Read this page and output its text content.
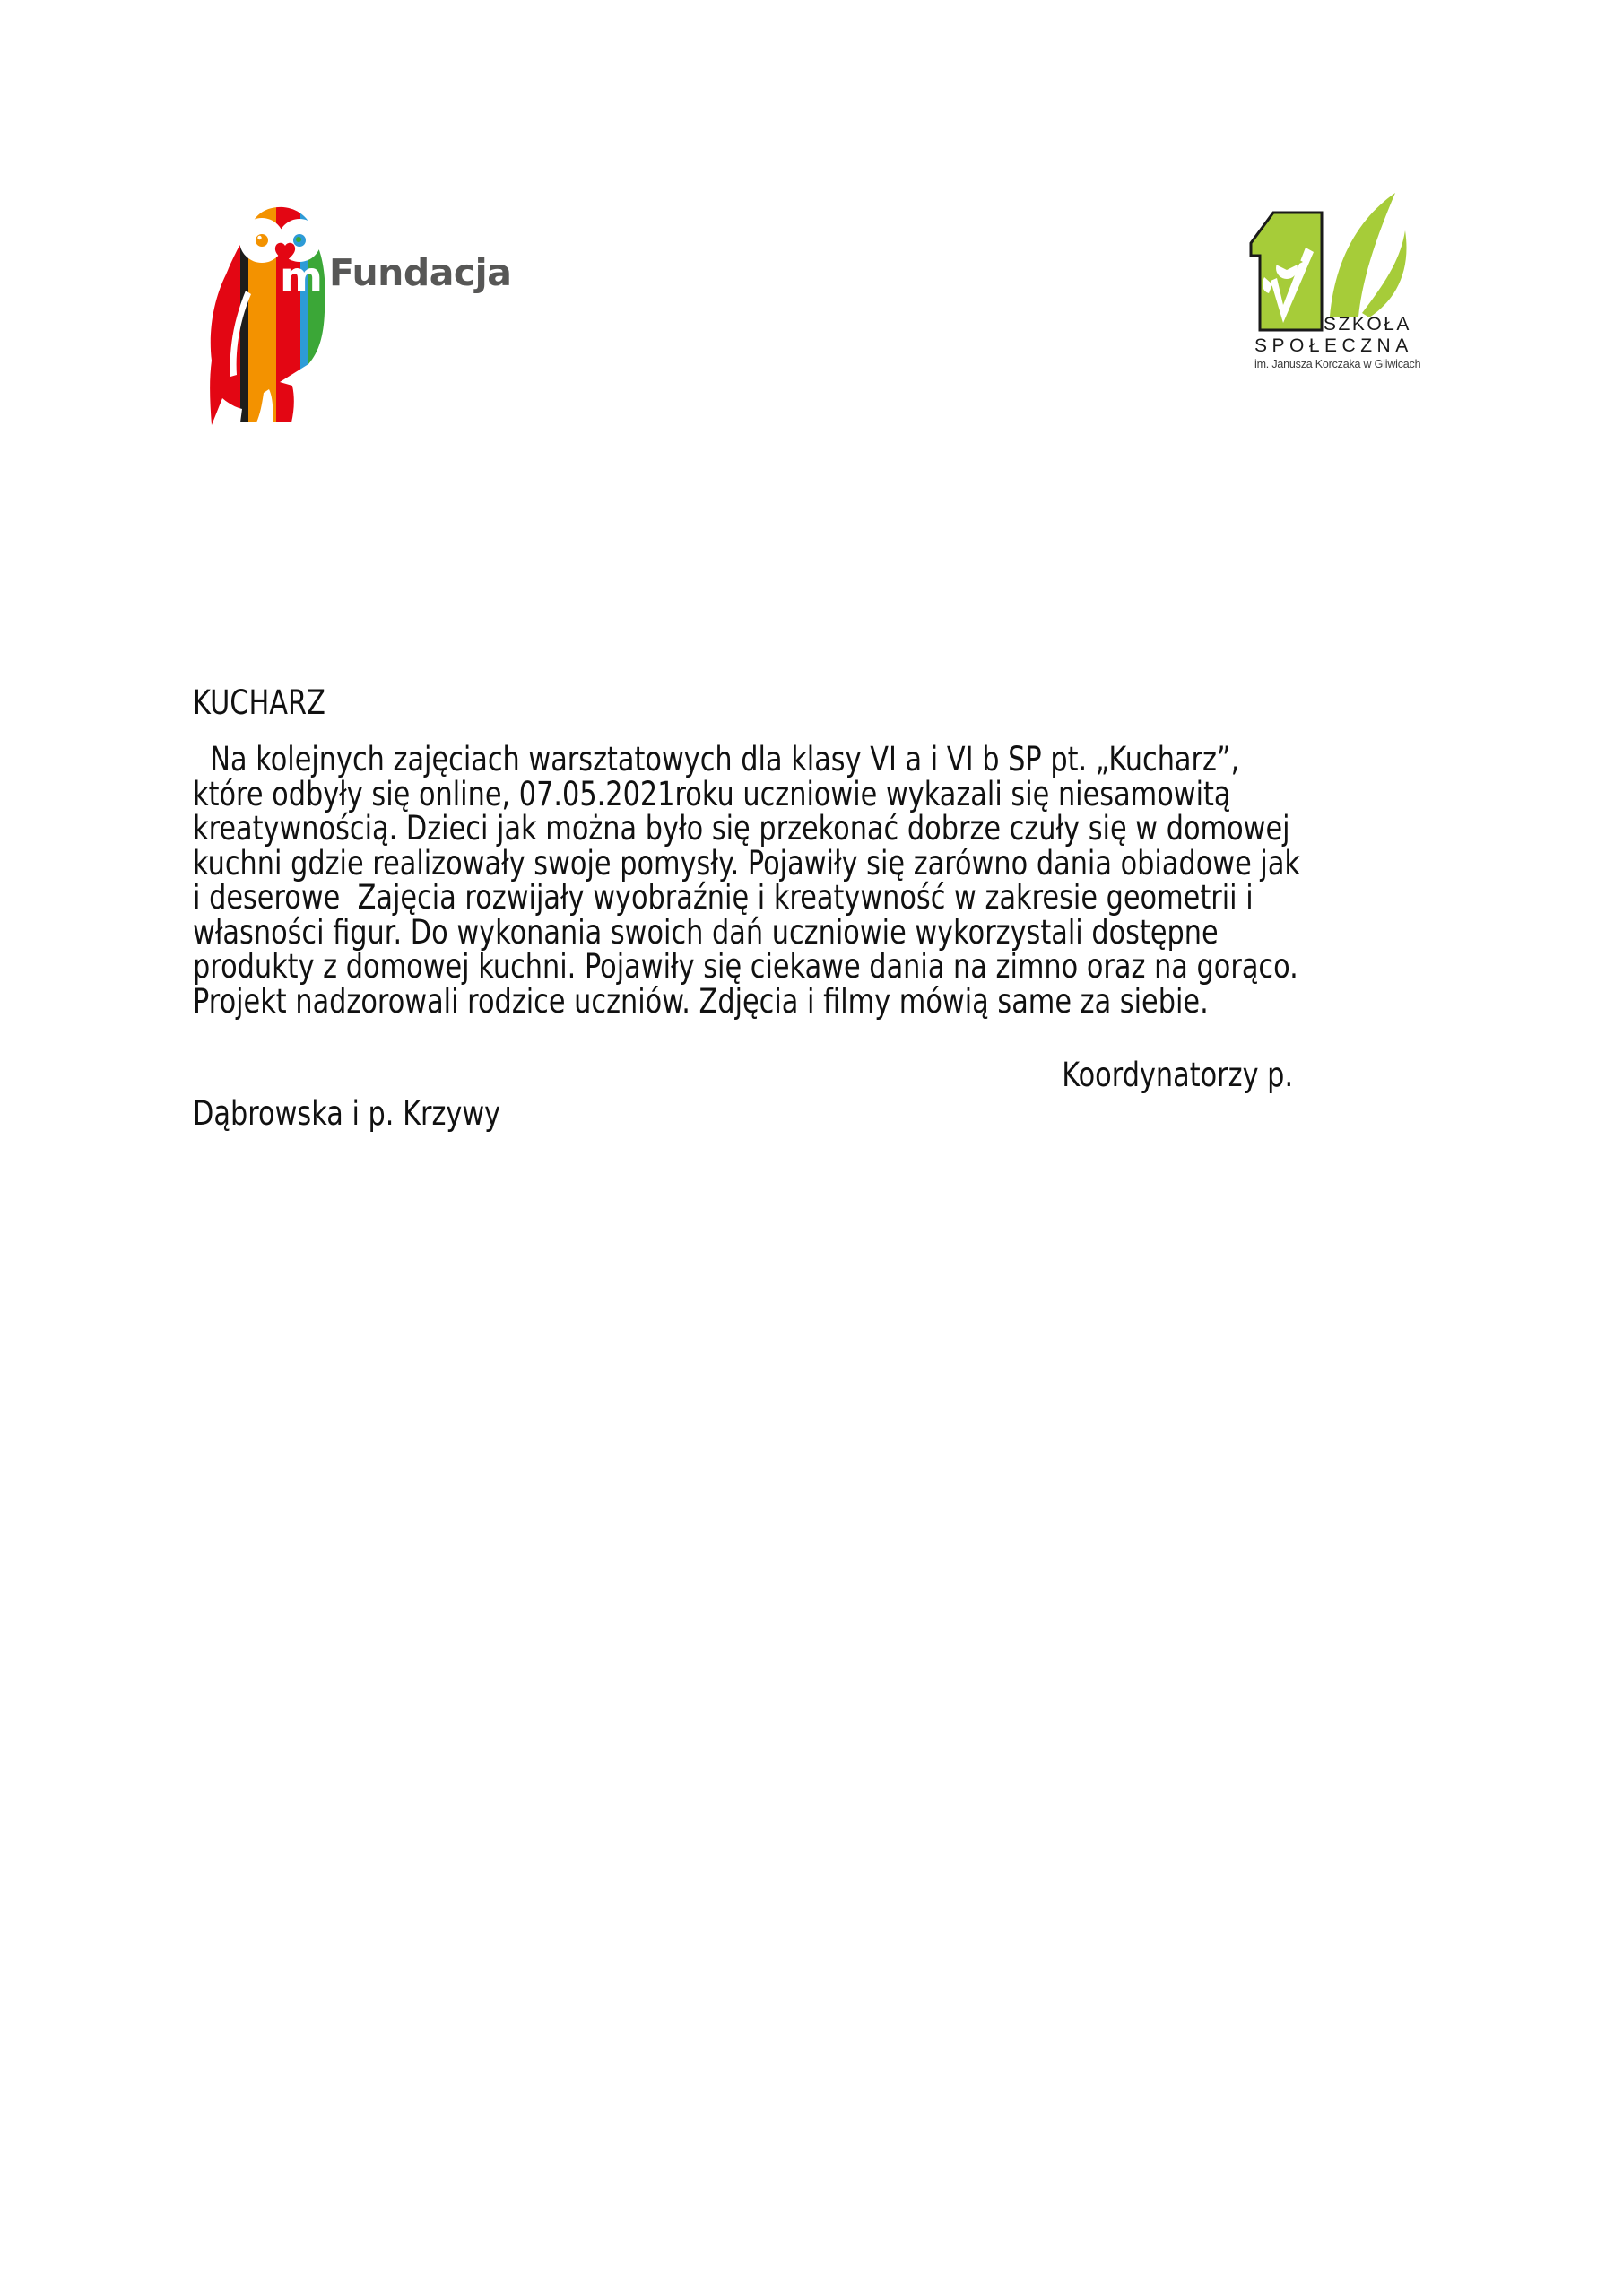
m Fundacja
SZKOŁA
SPOŁECZNA
im. Janusza Korczaka w Gliwicach
KUCHARZ
Na kolejnych zajęciach warsztatowych dla klasy VI a i VI b SP pt. „Kucharz”,
które odbyły się online, 07.05.2021roku uczniowie wykazali się niesamowitą
kreatywnością. Dzieci jak można było się przekonać dobrze czuły się w domowej
kuchni gdzie realizowały swoje pomysły. Pojawiły się zarówno dania obiadowe jak
i deserowe  Zajęcia rozwijały wyobraźnię i kreatywność w zakresie geometrii i
własności figur. Do wykonania swoich dań uczniowie wykorzystali dostępne
produkty z domowej kuchni. Pojawiły się ciekawe dania na zimno oraz na gorąco.
Projekt nadzorowali rodzice uczniów. Zdjęcia i filmy mówią same za siebie.
Koordynatorzy p.
Dąbrowska i p. Krzywy
